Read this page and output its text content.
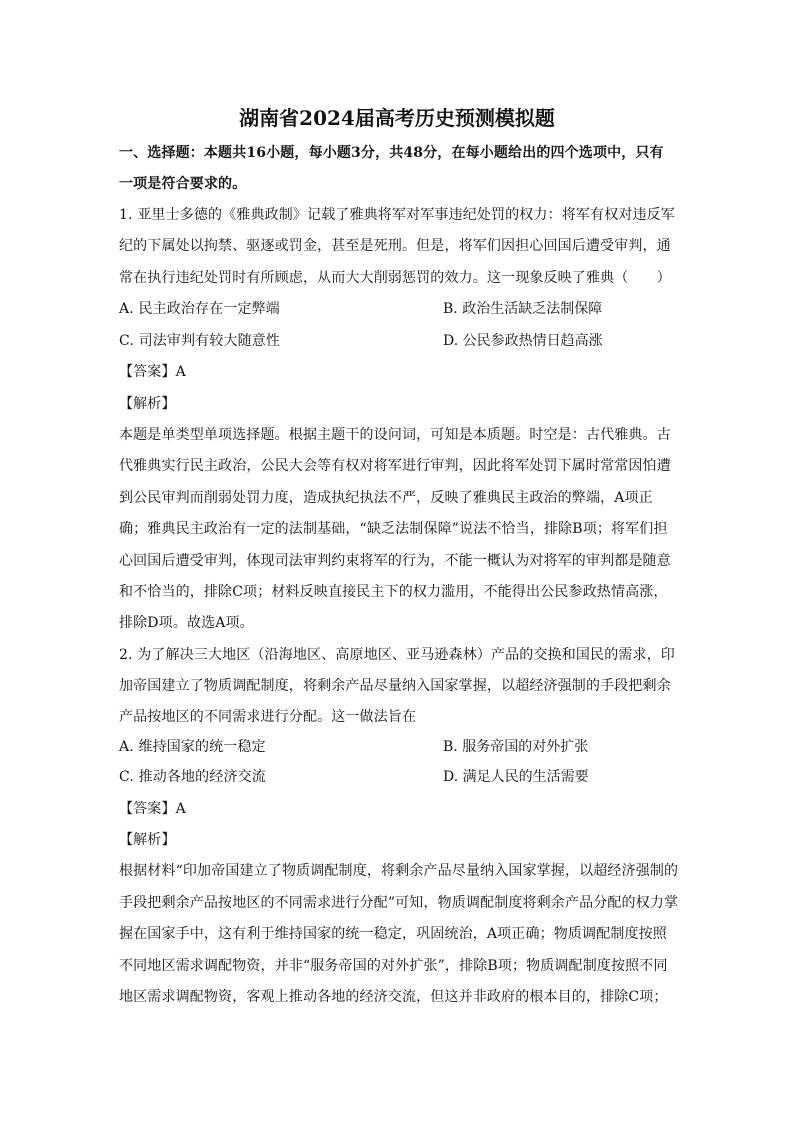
湖南省2024届高考历史预测模拟题
一、选择题：本题共16小题，每小题3分，共48分，在每小题给出的四个选项中，只有
一项是符合要求的。
1. 亚里士多德的《雅典政制》记载了雅典将军对军事违纪处罚的权力：将军有权对违反军
纪的下属处以拘禁、驱逐或罚金，甚至是死刑。但是，将军们因担心回国后遭受审判，通
常在执行违纪处罚时有所顾虑，从而大大削弱惩罚的效力。这一现象反映了雅典（　　）
A. 民主政治存在一定弊端	B. 政治生活缺乏法制保障
C. 司法审判有较大随意性	D. 公民参政热情日趋高涨
【答案】A
【解析】
本题是单类型单项选择题。根据主题干的设问词，可知是本质题。时空是：古代雅典。古
代雅典实行民主政治，公民大会等有权对将军进行审判，因此将军处罚下属时常常因怕遭
到公民审判而削弱处罚力度，造成执纪执法不严，反映了雅典民主政治的弊端，A项正
确；雅典民主政治有一定的法制基础，“缺乏法制保障”说法不恰当，排除B项；将军们担
心回国后遭受审判，体现司法审判约束将军的行为，不能一概认为对将军的审判都是随意
和不恰当的，排除C项；材料反映直接民主下的权力滥用，不能得出公民参政热情高涨，
排除D项。故选A项。
2. 为了解决三大地区（沿海地区、高原地区、亚马逊森林）产品的交换和国民的需求，印
加帝国建立了物质调配制度，将剩余产品尽量纳入国家掌握，以超经济强制的手段把剩余
产品按地区的不同需求进行分配。这一做法旨在
A. 维持国家的统一稳定	B. 服务帝国的对外扩张
C. 推动各地的经济交流	D. 满足人民的生活需要
【答案】A
【解析】
根据材料“印加帝国建立了物质调配制度，将剩余产品尽量纳入国家掌握，以超经济强制的
手段把剩余产品按地区的不同需求进行分配”可知，物质调配制度将剩余产品分配的权力掌
握在国家手中，这有利于维持国家的统一稳定，巩固统治，A项正确；物质调配制度按照
不同地区需求调配物资，并非“服务帝国的对外扩张”，排除B项；物质调配制度按照不同
地区需求调配物资，客观上推动各地的经济交流，但这并非政府的根本目的，排除C项；
